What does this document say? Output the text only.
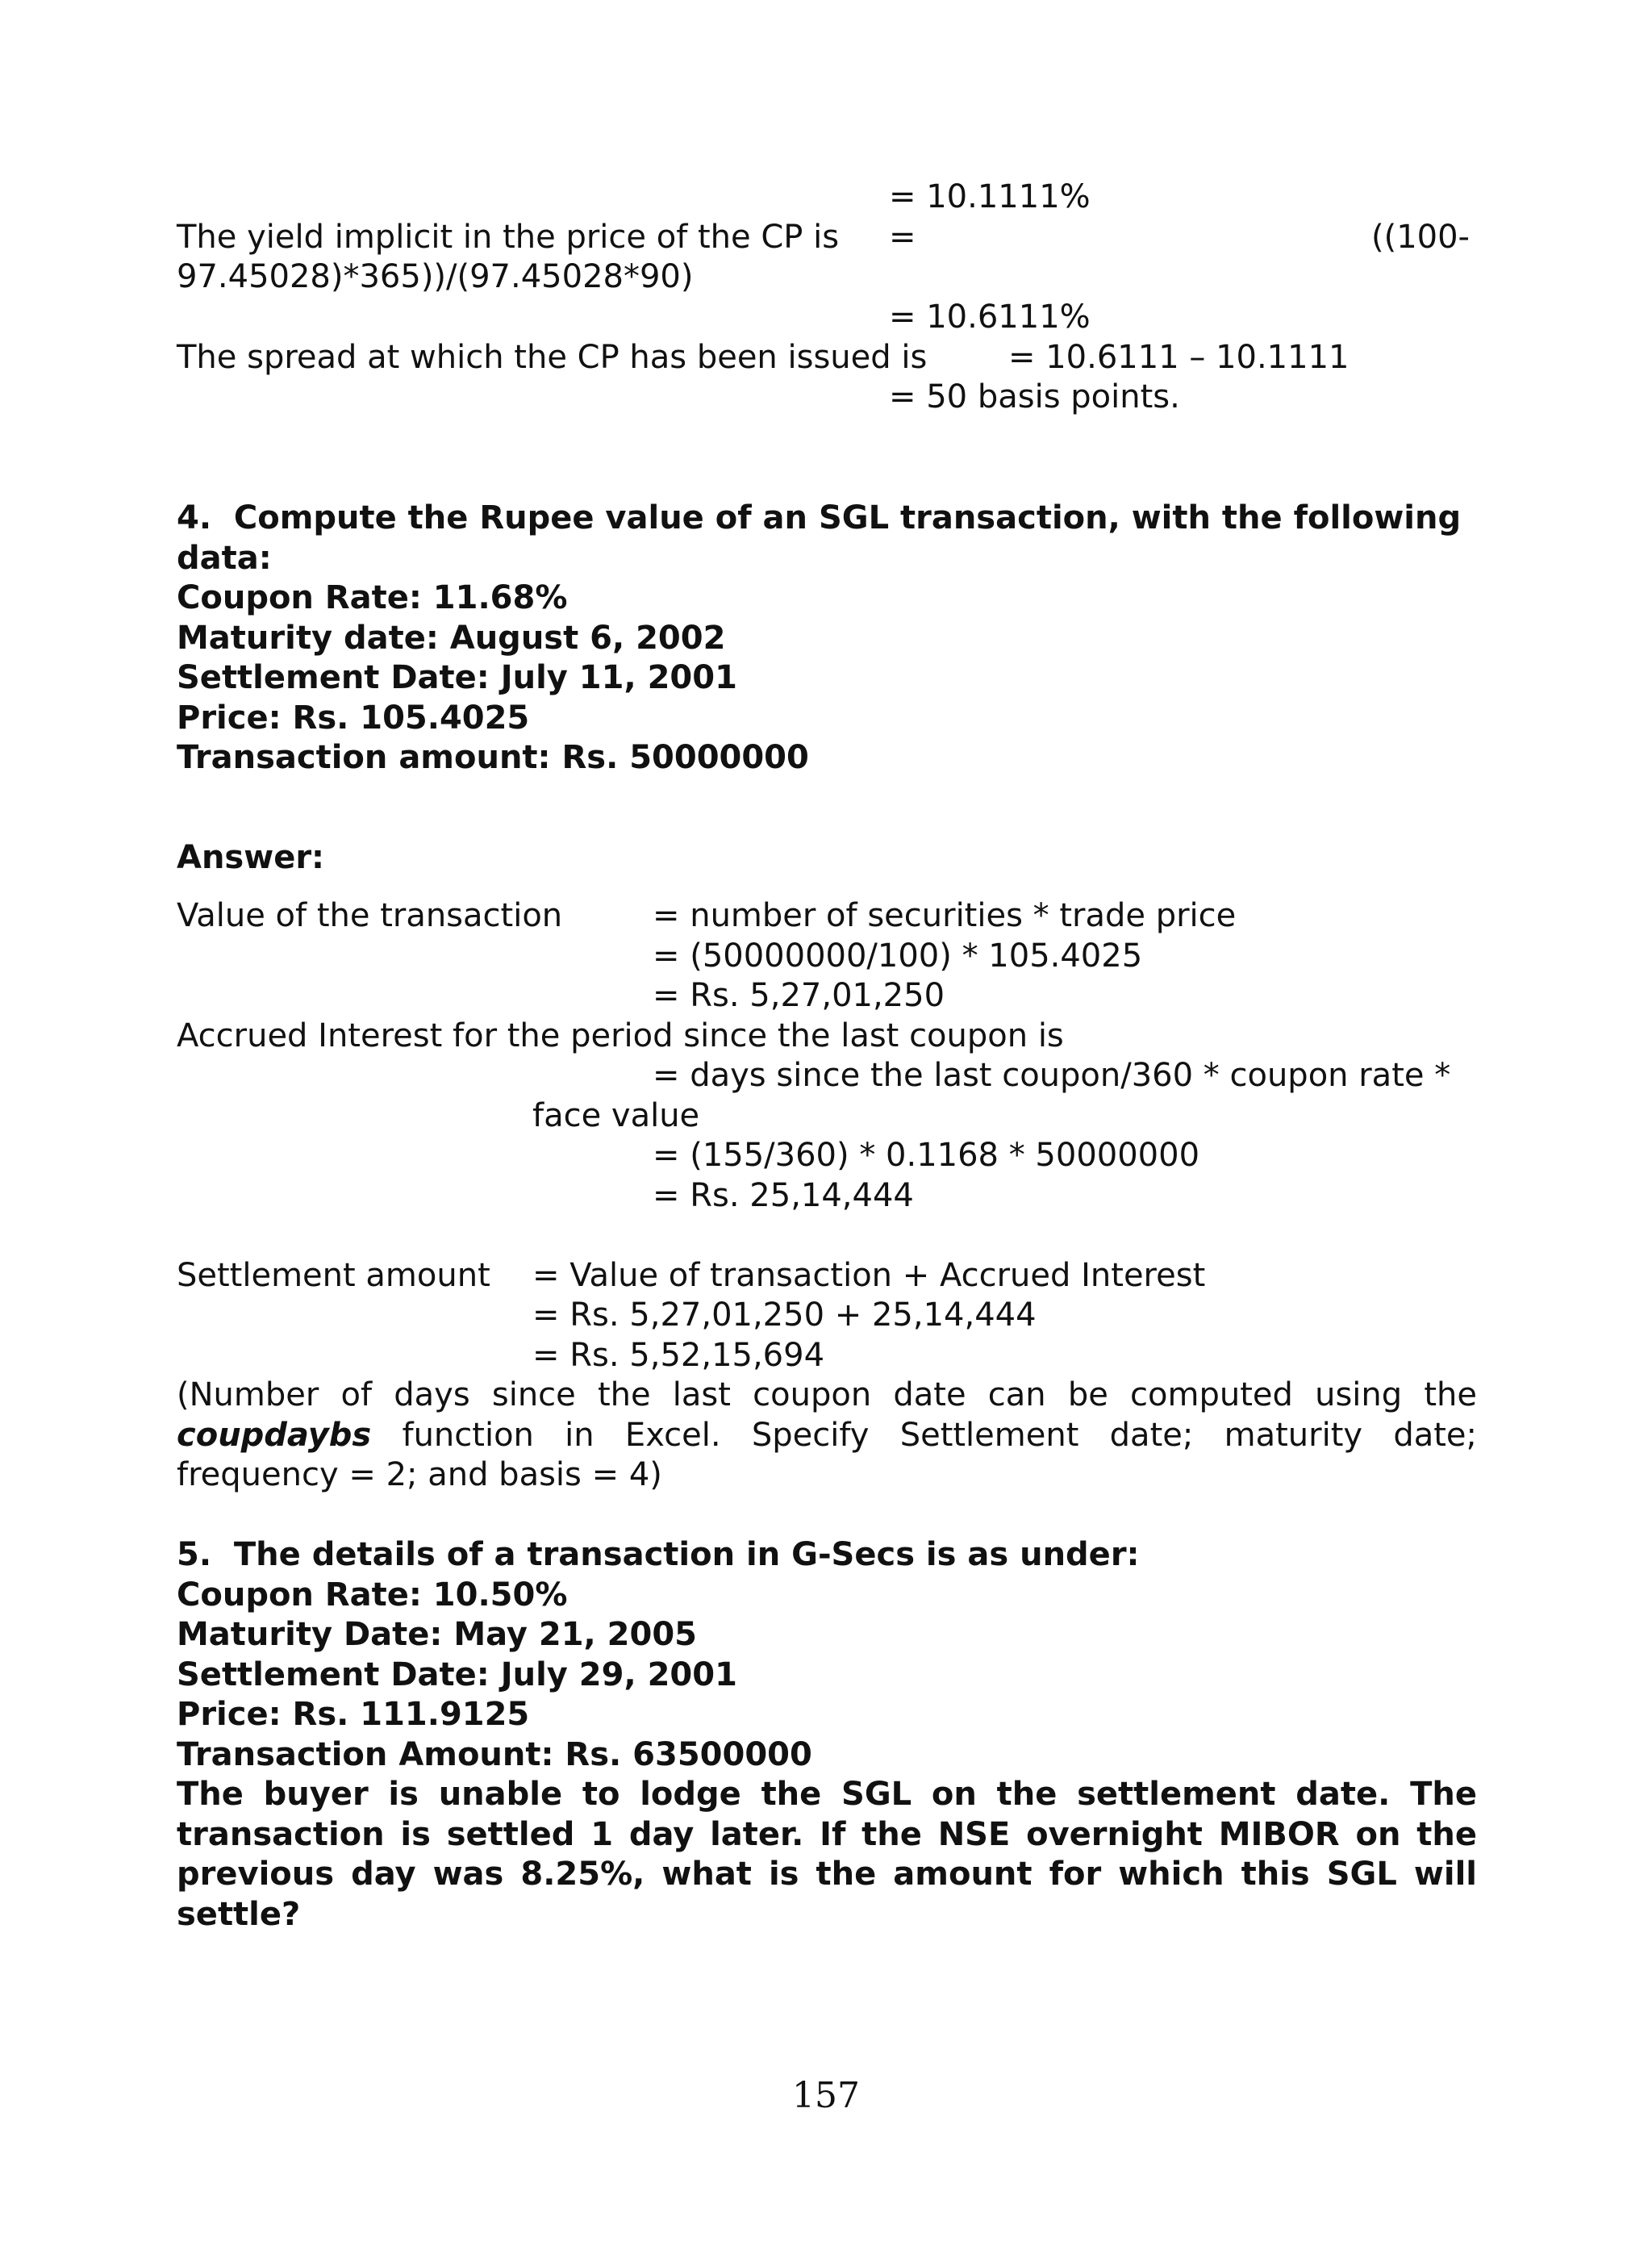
= 10.1111%
The yield implicit in the price of the CP is =	((100-
97.45028)*365))/(97.45028*90)
= 10.6111%
The spread at which the CP has been issued is	= 10.6111 – 10.1111
= 50 basis points.
4.  Compute the Rupee value of an SGL transaction, with the following
data:
Coupon Rate: 11.68%
Maturity date: August 6, 2002
Settlement Date: July 11, 2001
Price: Rs. 105.4025
Transaction amount: Rs. 50000000
Answer:
Value of the transaction	= number of securities * trade price
= (50000000/100) * 105.4025
= Rs. 5,27,01,250
Accrued Interest for the period since the last coupon is
= days since the last coupon/360 * coupon rate *
face value
= (155/360) * 0.1168 * 50000000
= Rs. 25,14,444
Settlement amount = Value of transaction + Accrued Interest
= Rs. 5,27,01,250 + 25,14,444
= Rs. 5,52,15,694
(Number of days since the last coupon date can be computed using the
coupdaybs function in Excel. Specify Settlement date; maturity date;
frequency = 2; and basis = 4)
5.  The details of a transaction in G-Secs is as under:
Coupon Rate: 10.50%
Maturity Date: May 21, 2005
Settlement Date: July 29, 2001
Price: Rs. 111.9125
Transaction Amount: Rs. 63500000
The buyer is unable to lodge the SGL on the settlement date. The
transaction is settled 1 day later. If the NSE overnight MIBOR on the
previous day was 8.25%, what is the amount for which this SGL will
settle?
157
